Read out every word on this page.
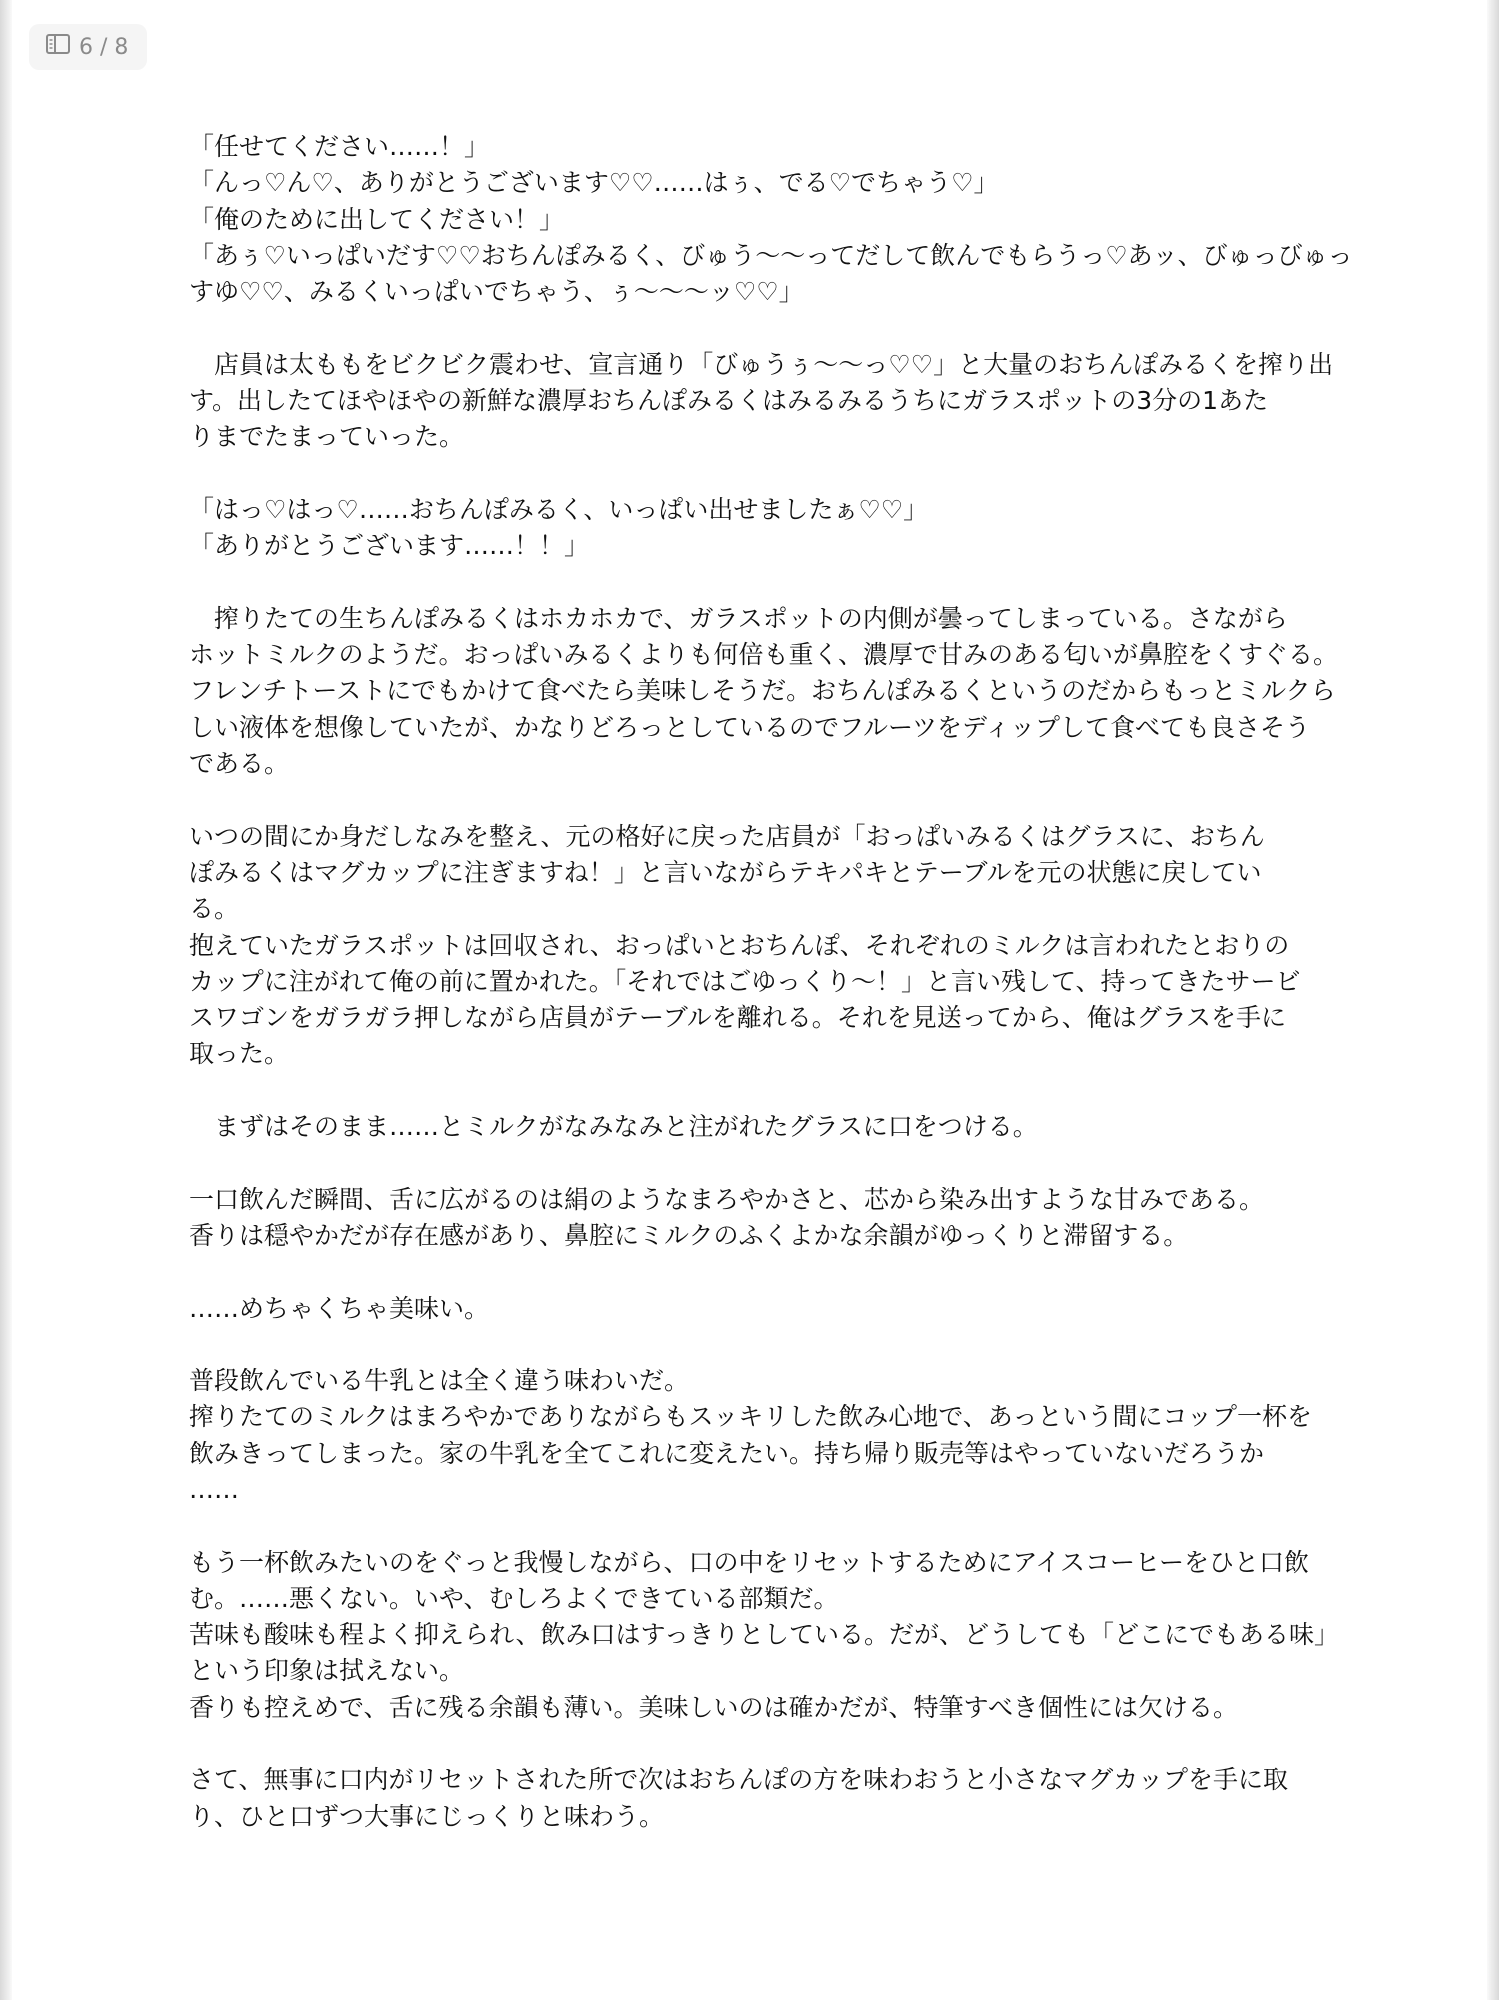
6 / 8
「任せてください……！」
「んっ♡ん♡、ありがとうございます♡♡……はぅ、でる♡でちゃう♡」
「俺のために出してください！」
「あぅ♡いっぱいだす♡♡おちんぽみるく、びゅう～～ってだして飲んでもらうっ♡あッ、びゅっびゅっ
すゆ♡♡、みるくいっぱいでちゃう、ぅ～～～ッ♡♡」
　店員は太ももをビクビク震わせ、宣言通り「びゅうぅ～～っ♡♡」と大量のおちんぽみるくを搾り出
す。出したてほやほやの新鮮な濃厚おちんぽみるくはみるみるうちにガラスポットの3分の1あた
りまでたまっていった。
「はっ♡はっ♡……おちんぽみるく、いっぱい出せましたぁ♡♡」
「ありがとうございます……！！」
　搾りたての生ちんぽみるくはホカホカで、ガラスポットの内側が曇ってしまっている。さながら
ホットミルクのようだ。おっぱいみるくよりも何倍も重く、濃厚で甘みのある匂いが鼻腔をくすぐる。
フレンチトーストにでもかけて食べたら美味しそうだ。おちんぽみるくというのだからもっとミルクら
しい液体を想像していたが、かなりどろっとしているのでフルーツをディップして食べても良さそう
である。
いつの間にか身だしなみを整え、元の格好に戻った店員が「おっぱいみるくはグラスに、おちん
ぽみるくはマグカップに注ぎますね！」と言いながらテキパキとテーブルを元の状態に戻してい
る。
抱えていたガラスポットは回収され、おっぱいとおちんぽ、それぞれのミルクは言われたとおりの
カップに注がれて俺の前に置かれた。「それではごゆっくり～！」と言い残して、持ってきたサービ
スワゴンをガラガラ押しながら店員がテーブルを離れる。それを見送ってから、俺はグラスを手に
取った。
　まずはそのまま……とミルクがなみなみと注がれたグラスに口をつける。
一口飲んだ瞬間、舌に広がるのは絹のようなまろやかさと、芯から染み出すような甘みである。
香りは穏やかだが存在感があり、鼻腔にミルクのふくよかな余韻がゆっくりと滞留する。
……めちゃくちゃ美味い。
普段飲んでいる牛乳とは全く違う味わいだ。
搾りたてのミルクはまろやかでありながらもスッキリした飲み心地で、あっという間にコップ一杯を
飲みきってしまった。家の牛乳を全てこれに変えたい。持ち帰り販売等はやっていないだろうか
……
もう一杯飲みたいのをぐっと我慢しながら、口の中をリセットするためにアイスコーヒーをひと口飲
む。……悪くない。いや、むしろよくできている部類だ。
苦味も酸味も程よく抑えられ、飲み口はすっきりとしている。だが、どうしても「どこにでもある味」
という印象は拭えない。
香りも控えめで、舌に残る余韻も薄い。美味しいのは確かだが、特筆すべき個性には欠ける。
さて、無事に口内がリセットされた所で次はおちんぽの方を味わおうと小さなマグカップを手に取
り、ひと口ずつ大事にじっくりと味わう。
